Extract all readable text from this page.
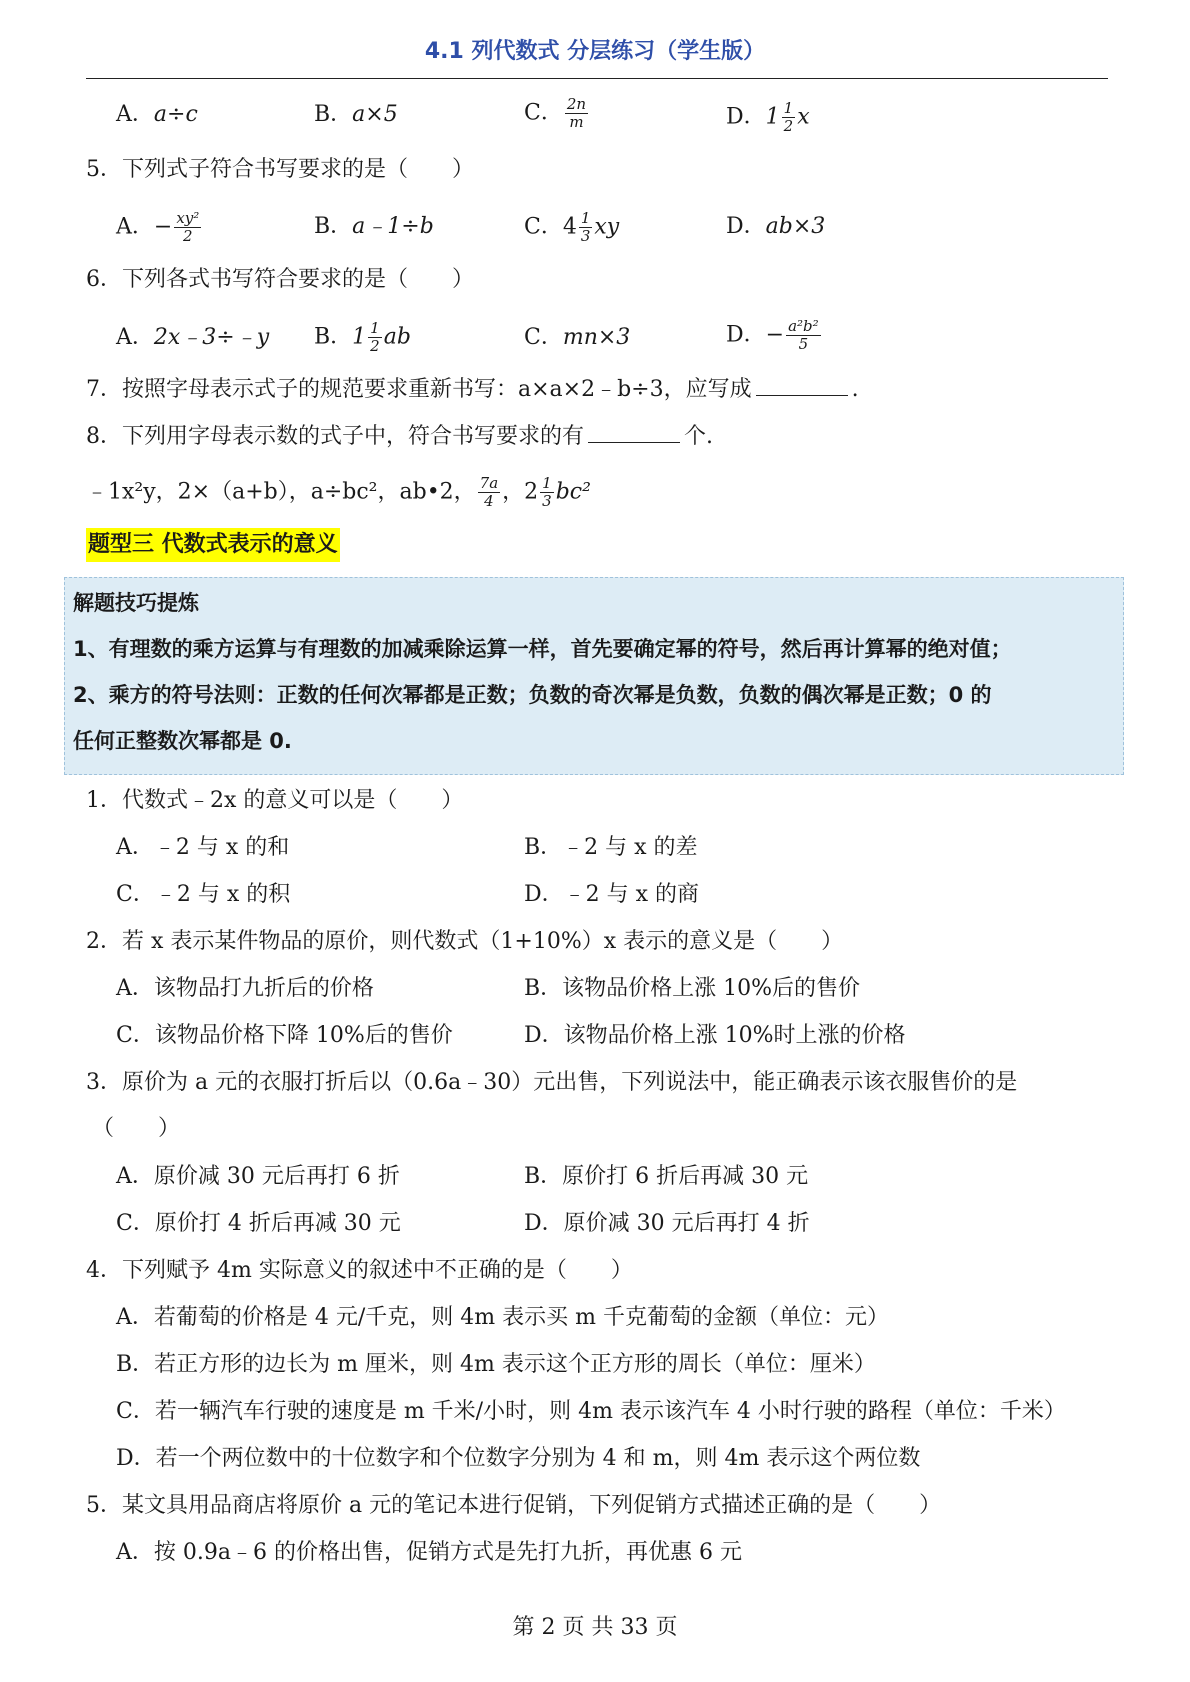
4.1 列代数式 分层练习（学生版）
A．a÷c	B．a×5	C． $\frac{2n}{m}$	D．$1 \frac{1}{2}$ x
5．下列式子符合书写要求的是（　　）
A．− $\frac{\text{xy²}}{2}$	B．a﹣1÷b	C．$4 \frac{1}{3}$ xy	D．ab×3
6．下列各式书写符合要求的是（　　）
A．2x﹣3÷﹣y B．$1 \frac{1}{2}$ ab	C．mn×3	D．− $\frac{\text{a²b²}}{5}$
7．按照字母表示式子的规范要求重新书写：a×a×2﹣b÷3，应写成	.
8．下列用字母表示数的式子中，符合书写要求的有	个.
﹣1x²y，2×（a+b），a÷bc²，ab•2， $\frac{7a}{4}$ ，$2 \frac{1}{3} bc^2$
题型三 代数式表示的意义
解题技巧提炼
1、有理数的乘方运算与有理数的加减乘除运算一样，首先要确定幂的符号，然后再计算幂的绝对值；
2、乘方的符号法则：正数的任何次幂都是正数；负数的奇次幂是负数，负数的偶次幂是正数；0 的
任何正整数次幂都是 0.
1．代数式﹣2x 的意义可以是（　　）
A．﹣2 与 x 的和	B．﹣2 与 x 的差
C．﹣2 与 x 的积	D．﹣2 与 x 的商
2．若 x 表示某件物品的原价，则代数式（1+10%）x 表示的意义是（　　）
A．该物品打九折后的价格	B．该物品价格上涨 10%后的售价
C．该物品价格下降 10%后的售价	D．该物品价格上涨 10%时上涨的价格
3．原价为 a 元的衣服打折后以（0.6a﹣30）元出售，下列说法中，能正确表示该衣服售价的是
（　　）
A．原价减 30 元后再打 6 折	B．原价打 6 折后再减 30 元
C．原价打 4 折后再减 30 元	D．原价减 30 元后再打 4 折
4．下列赋予 4m 实际意义的叙述中不正确的是（　　）
A．若葡萄的价格是 4 元/千克，则 4m 表示买 m 千克葡萄的金额（单位：元）
B．若正方形的边长为 m 厘米，则 4m 表示这个正方形的周长（单位：厘米）
C．若一辆汽车行驶的速度是 m 千米/小时，则 4m 表示该汽车 4 小时行驶的路程（单位：千米）
D．若一个两位数中的十位数字和个位数字分别为 4 和 m，则 4m 表示这个两位数
5．某文具用品商店将原价 a 元的笔记本进行促销，下列促销方式描述正确的是（　　）
A．按 0.9a﹣6 的价格出售，促销方式是先打九折，再优惠 6 元
第 2 页 共 33 页
